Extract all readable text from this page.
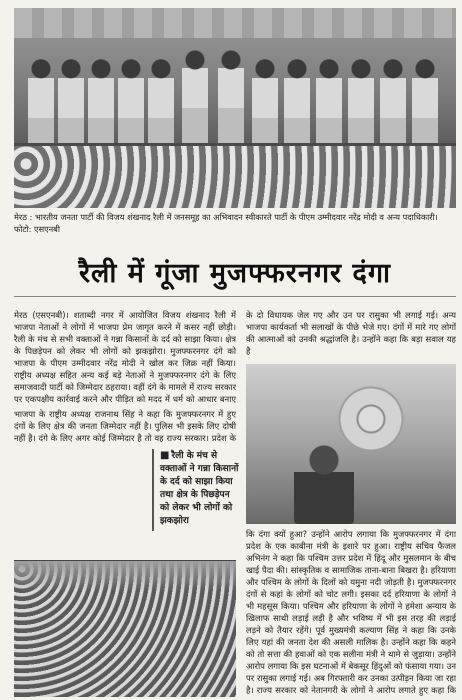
मेरठ : भारतीय जनता पार्टी की विजय शंखनाद रैली में जनसमूह का अभिवादन स्वीकारते पार्टी के पीएम उम्मीदवार नरेंद्र मोदी व अन्य पदाधिकारी। फोटो: एसएनबी
रैली में गूंजा मुजफ्फरनगर दंगा

मेरठ (एसएनबी)। शताब्दी नगर में आयोजित विजय शंखनाद रैली में भाजपा नेताओं ने लोगों में भाजपा प्रेम जागृत करने में कसर नहीं छोड़ी। रैली के मंच से सभी वक्ताओं ने गन्ना किसानों के दर्द को साझा किया। क्षेत्र के पिछड़ेपन को लेकर भी लोगों को झकझोरा। मुजफ्फरनगर दंगे को भाजपा के पीएम उम्मीदवार नरेंद्र मोदी ने खोल कर जिक्र नहीं किया। राष्ट्रीय अध्यक्ष सहित अन्य कई बड़े नेताओं ने मुजफ्फरनगर दंगे के लिए समाजवादी पार्टी को जिम्मेदार ठहराया। वहीं दंगे के मामले में राज्य सरकार पर एकपक्षीय कार्रवाई करने और पीड़ित को मदद में धर्म को आधार बनाए

के दो विधायक जेल गए और उन पर रासुका भी लगाई गई। अन्य भाजपा कार्यकर्ता भी सलाखों के पीछे भेजे गए। दंगों में मारे गए लोगों की आत्माओं को उनकी श्रद्धांजलि है। उन्होंने कहा कि बड़ा सवाल यह है

भाजपा के राष्ट्रीय अध्यक्ष राजनाथ सिंह ने कहा कि मुजफ्फरनगर में हुए दंगों के लिए क्षेत्र की जनता जिम्मेदार नहीं है। पुलिस भी इसके लिए दोषी नहीं है। दंगे के लिए अगर कोई जिम्मेदार है तो वह राज्य सरकार। प्रदेश के

■ रैली के मंच से वक्ताओं ने गन्ना किसानों के दर्द को साझा किया तथा क्षेत्र के पिछड़ेपन को लेकर भी लोगों को झकझोरा

कि दंगा क्यों हुआ? उन्होंने आरोप लगाया कि मुजफ्फरनगर में दंगा प्रदेश के एक काबीना मंत्री के इशारे पर हुआ। राष्ट्रीय सचिव फैजल अभिनंग ने कहा कि पश्चिम उत्तर प्रदेश में हिंदू और मुसलमान के बीच खाई पैदा की। सांस्कृतिक व सामाजिक ताना-बाना बिखरा है। हरियाणा और पश्चिम के लोगों के दिलों को यमुना नदी जोड़ती है। मुजफ्फरनगर दंगों से कहां के लोगों को चोट लगी। इसका दर्द हरियाणा के लोगों ने भी महसूस किया। पश्चिम और हरियाणा के लोगों ने हमेशा अन्याय के खिलाफ साथी लड़ाई लड़ी है और भविष्य में भी इस तरह की लड़ाई लड़ने को तैयार रहेंगे। पूर्व मुख्यमंत्री कल्याण सिंह ने कहा कि उनके लिए यहां की जनता देश की असली मालिक है। उन्होंने कहा कि कहने को तो सत्ता की हवाओं को एक सलीना मंत्री ने थामे से जुड़ाया। उन्होंने आरोप लगाया कि इस घटनाओं में बेकसूर हिंदुओं को फंसाया गया। उन पर रासुका लगाई गई। अब गिरफ्तारी कर उनका उत्पीड़न किया जा रहा है। राज्य सरकार को नेतानगरी के लोगों ने आरोप लगाते हुए कहा कि
